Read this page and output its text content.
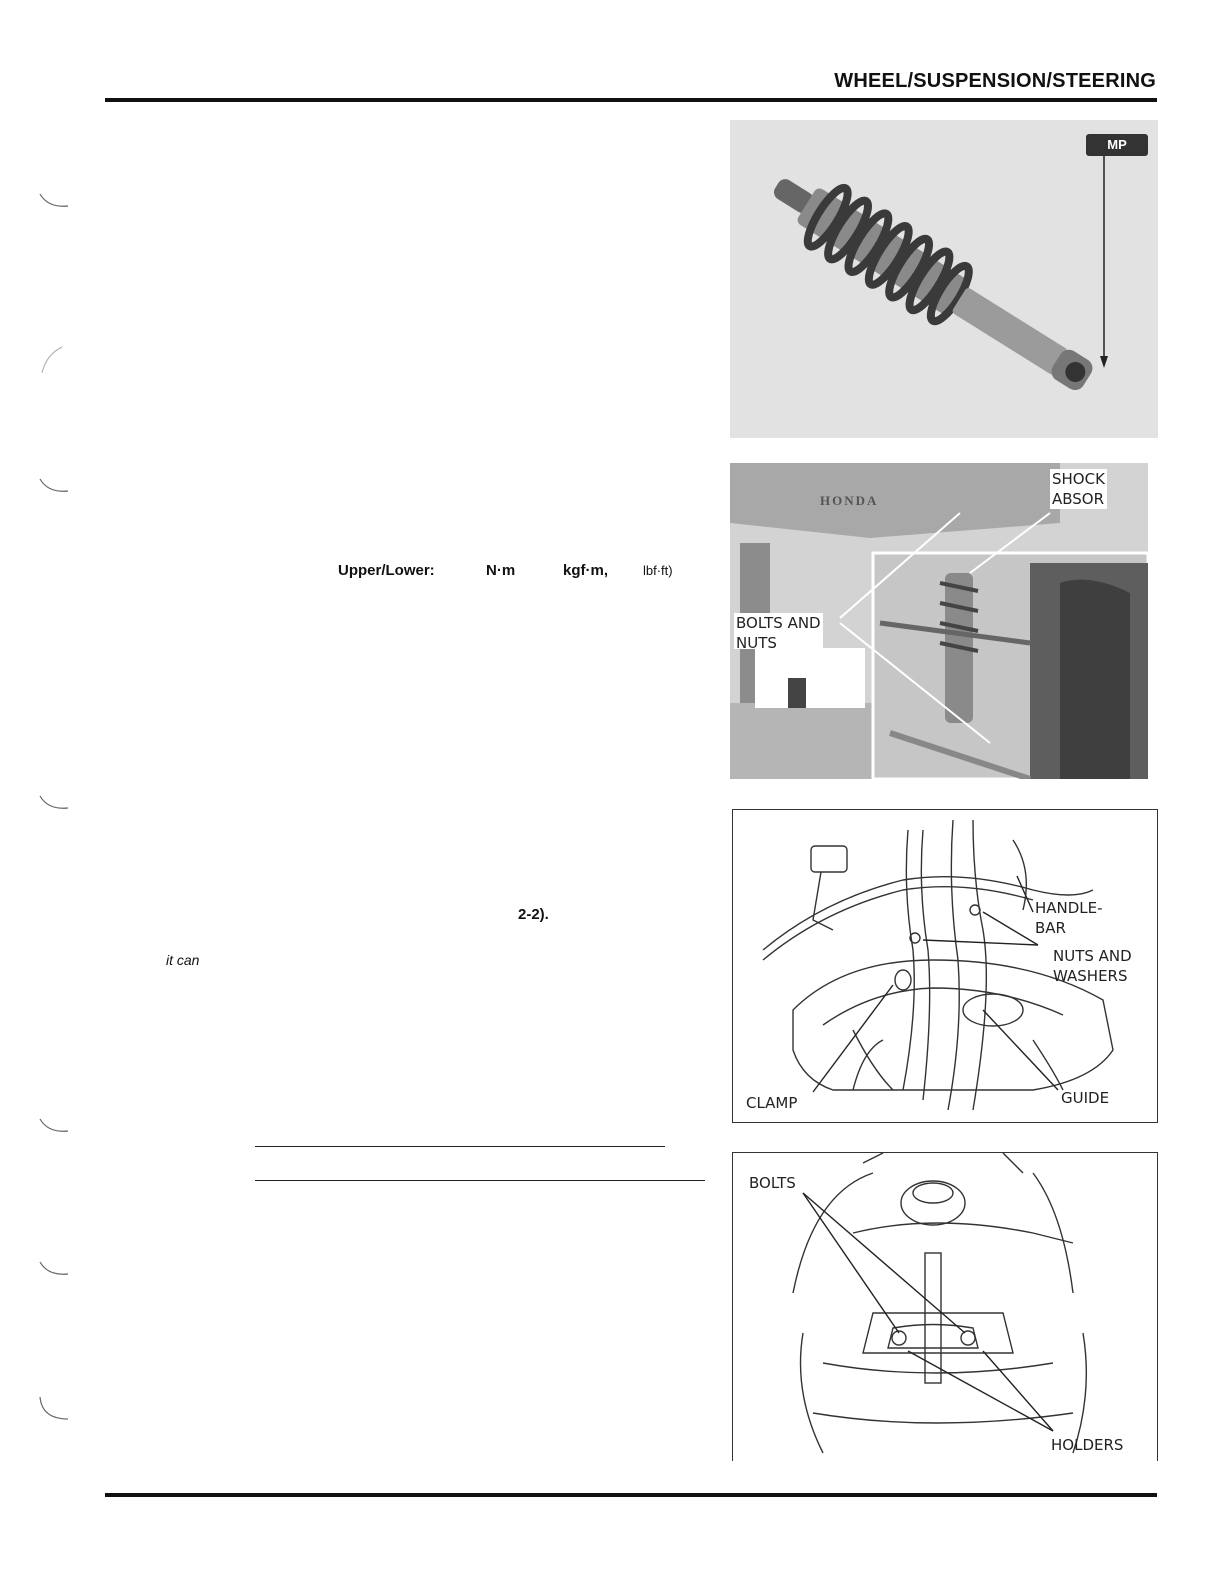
WHEEL/SUSPENSION/STEERING
Upper/Lower:	N·m	kgf·m,	lbf·ft)
2-2).
it can
MP
HONDA
SHOCK
ABSOR
BOLTS AND
NUTS
HANDLE-
BAR
NUTS AND
WASHERS
CLAMP	GUIDE
BOLTS
HOLDERS
